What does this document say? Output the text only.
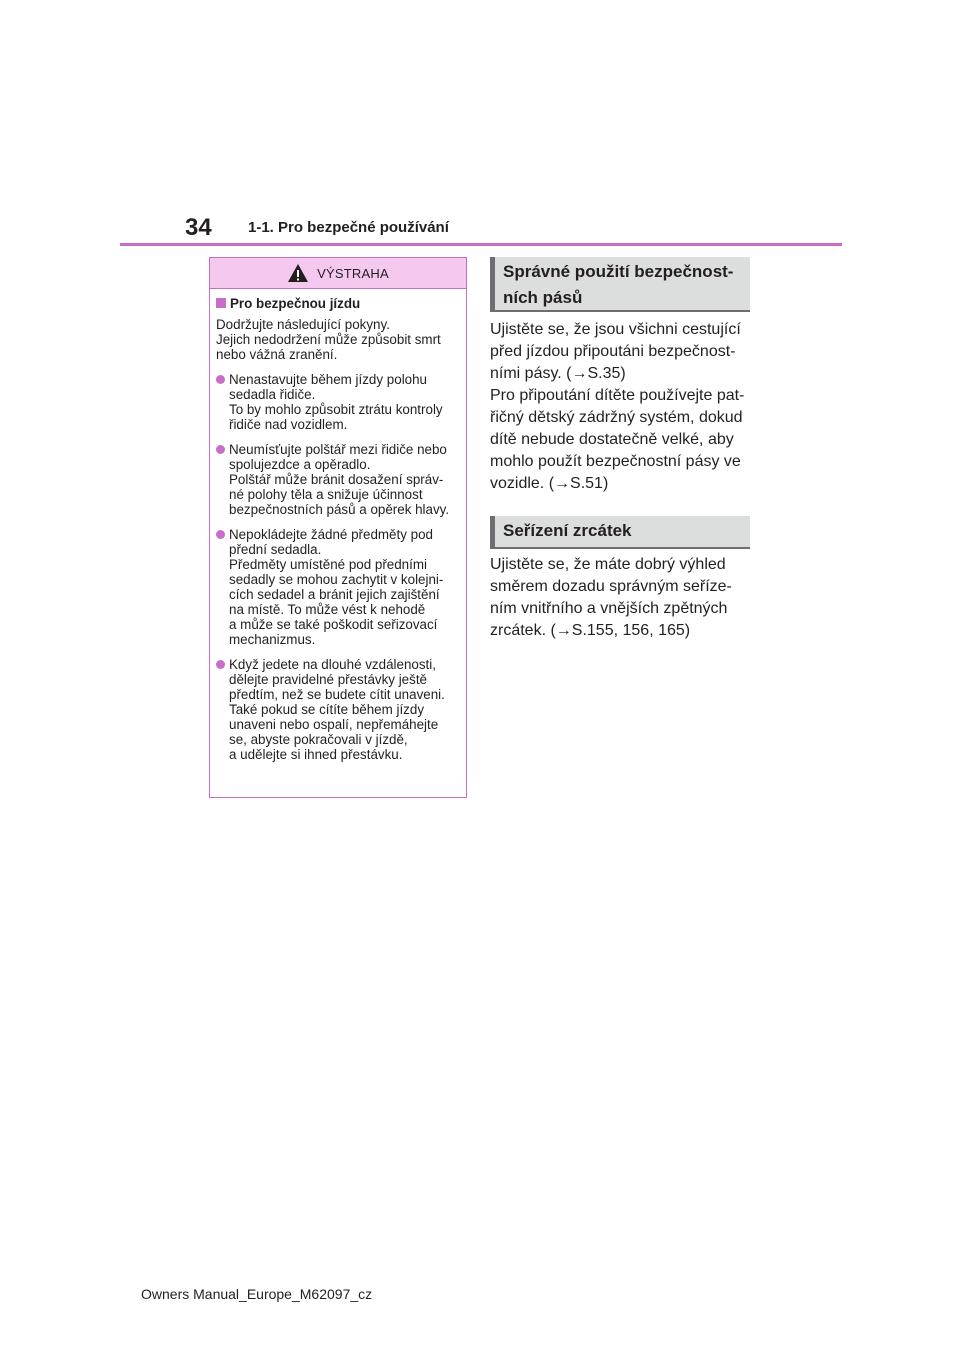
34 1-1. Pro bezpečné používání
VÝSTRAHA
Pro bezpečnou jízdu
Dodržujte následující pokyny.
Jejich nedodržení může způsobit smrt
nebo vážná zranění.
Nenastavujte během jízdy polohu
sedadla řidiče.
To by mohlo způsobit ztrátu kontroly
řidiče nad vozidlem.
Neumísťujte polštář mezi řidiče nebo
spolujezdce a opěradlo.
Polštář může bránit dosažení správ-
né polohy těla a snižuje účinnost
bezpečnostních pásů a opěrek hlavy.
Nepokládejte žádné předměty pod
přední sedadla.
Předměty umístěné pod předními
sedadly se mohou zachytit v kolejni-
cích sedadel a bránit jejich zajištění
na místě. To může vést k nehodě
a může se také poškodit seřizovací
mechanizmus.
Když jedete na dlouhé vzdálenosti,
dělejte pravidelné přestávky ještě
předtím, než se budete cítit unaveni.
Také pokud se cítíte během jízdy
unaveni nebo ospalí, nepřemáhejte
se, abyste pokračovali v jízdě,
a udělejte si ihned přestávku.
Správné použití bezpečnost-
ních pásů
Ujistěte se, že jsou všichni cestující
před jízdou připoutáni bezpečnost-
ními pásy. (→S.35)
Pro připoutání dítěte používejte pat-
řičný dětský zádržný systém, dokud
dítě nebude dostatečně velké, aby
mohlo použít bezpečnostní pásy ve
vozidle. (→S.51)
Seřízení zrcátek
Ujistěte se, že máte dobrý výhled
směrem dozadu správným seříze-
ním vnitřního a vnějších zpětných
zrcátek. (→S.155, 156, 165)
Owners Manual_Europe_M62097_cz
